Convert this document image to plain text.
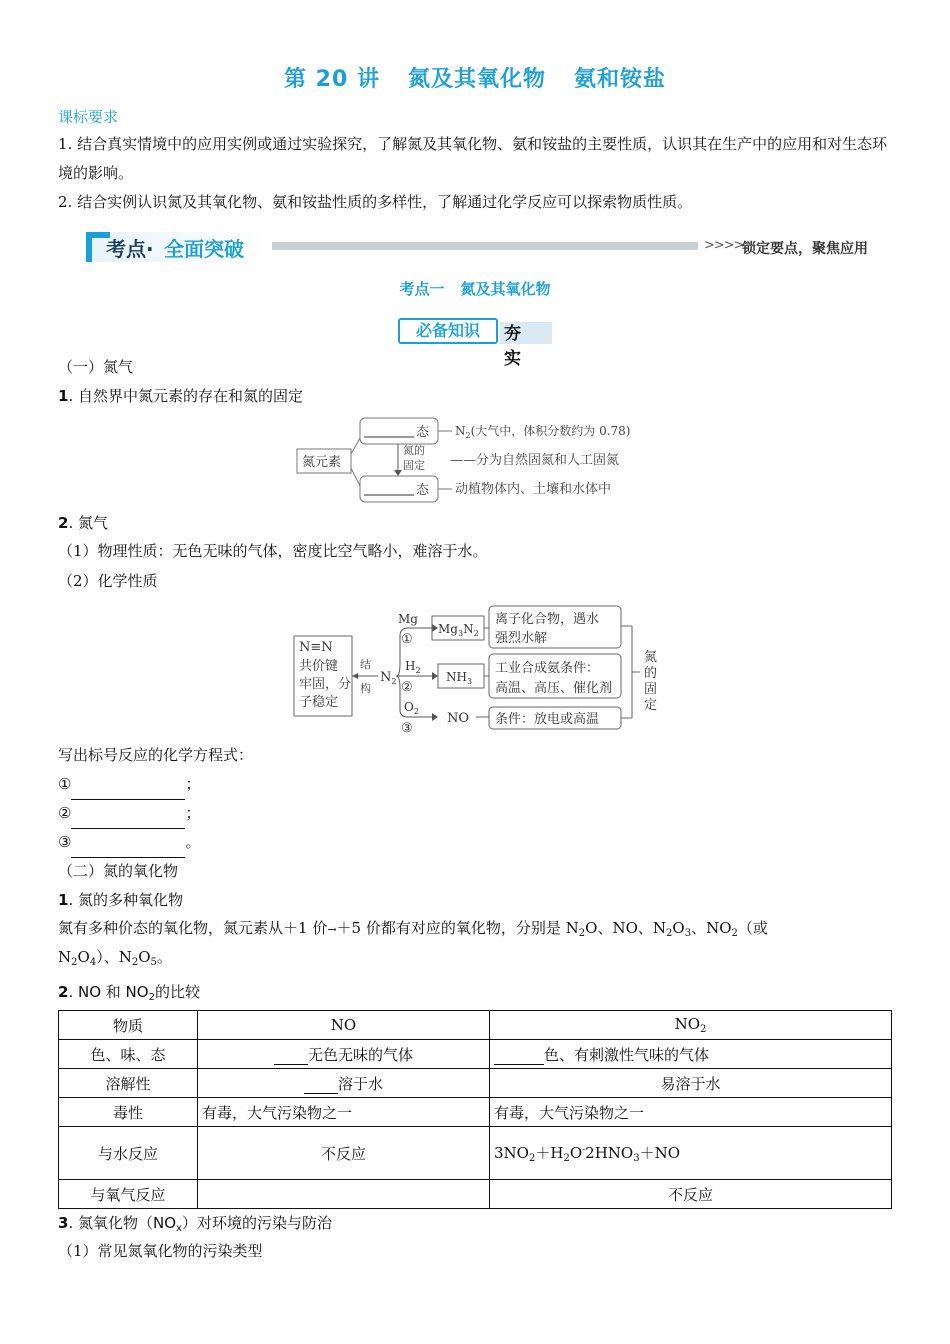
第 20 讲 氮及其氧化物 氨和铵盐
课标要求
1. 结合真实情境中的应用实例或通过实验探究，了解氮及其氧化物、氨和铵盐的主要性质，认识其在生产中的应用和对生态环境的影响。
2. 结合实例认识氮及其氧化物、氨和铵盐性质的多样性，了解通过化学反应可以探索物质性质。
考点· 全面突破	>>>>
锁定要点，聚焦应用
考点一 氮及其氧化物
必备知识	夯实
（一）氮气
1. 自然界中氮元素的存在和氮的固定
氮元素
态
态
氮的
固定
$N_2$(大气中，体积分数约为 0.78)
——分为自然固氮和人工固氮
动植物体内、土壤和水体中
2. 氮气
（1）物理性质：无色无味的气体，密度比空气略小，难溶于水。
（2）化学性质
N≡N
共价键
牢固，分
子稳定
结
构
$N_2$
Mg
①
$H_2$
②
$O_2$
③
$Mg_3N_2$
$NH_3$
NO
离子化合物，遇水
强烈水解
工业合成氨条件：
高温、高压、催化剂
条件：放电或高温
氮
的
固
定
写出标号反应的化学方程式：
①	；
②	；
③	。
（二）氮的氧化物
1. 氮的多种氧化物
氮有多种价态的氧化物，氮元素从＋1 价→＋5 价都有对应的氧化物，分别是 $N_2O$、NO、$N_2O_3$、$NO_2$（或
$N_2O_4$）、$N_2O_5$。
2. NO 和 $NO_2$的比较
物质	NO	$NO_2$
色、味、态	无色无味的气体	色、有刺激性气味的气体
溶解性	溶于水	易溶于水
毒性	有毒，大气污染物之一	有毒，大气污染物之一
与水反应	不反应	$3NO_2+H_2O^-2HNO_3+NO$
与氧气反应		不反应
3. 氮氧化物$(NO_x)$对环境的污染与防治
（1）常见氮氧化物的污染类型
